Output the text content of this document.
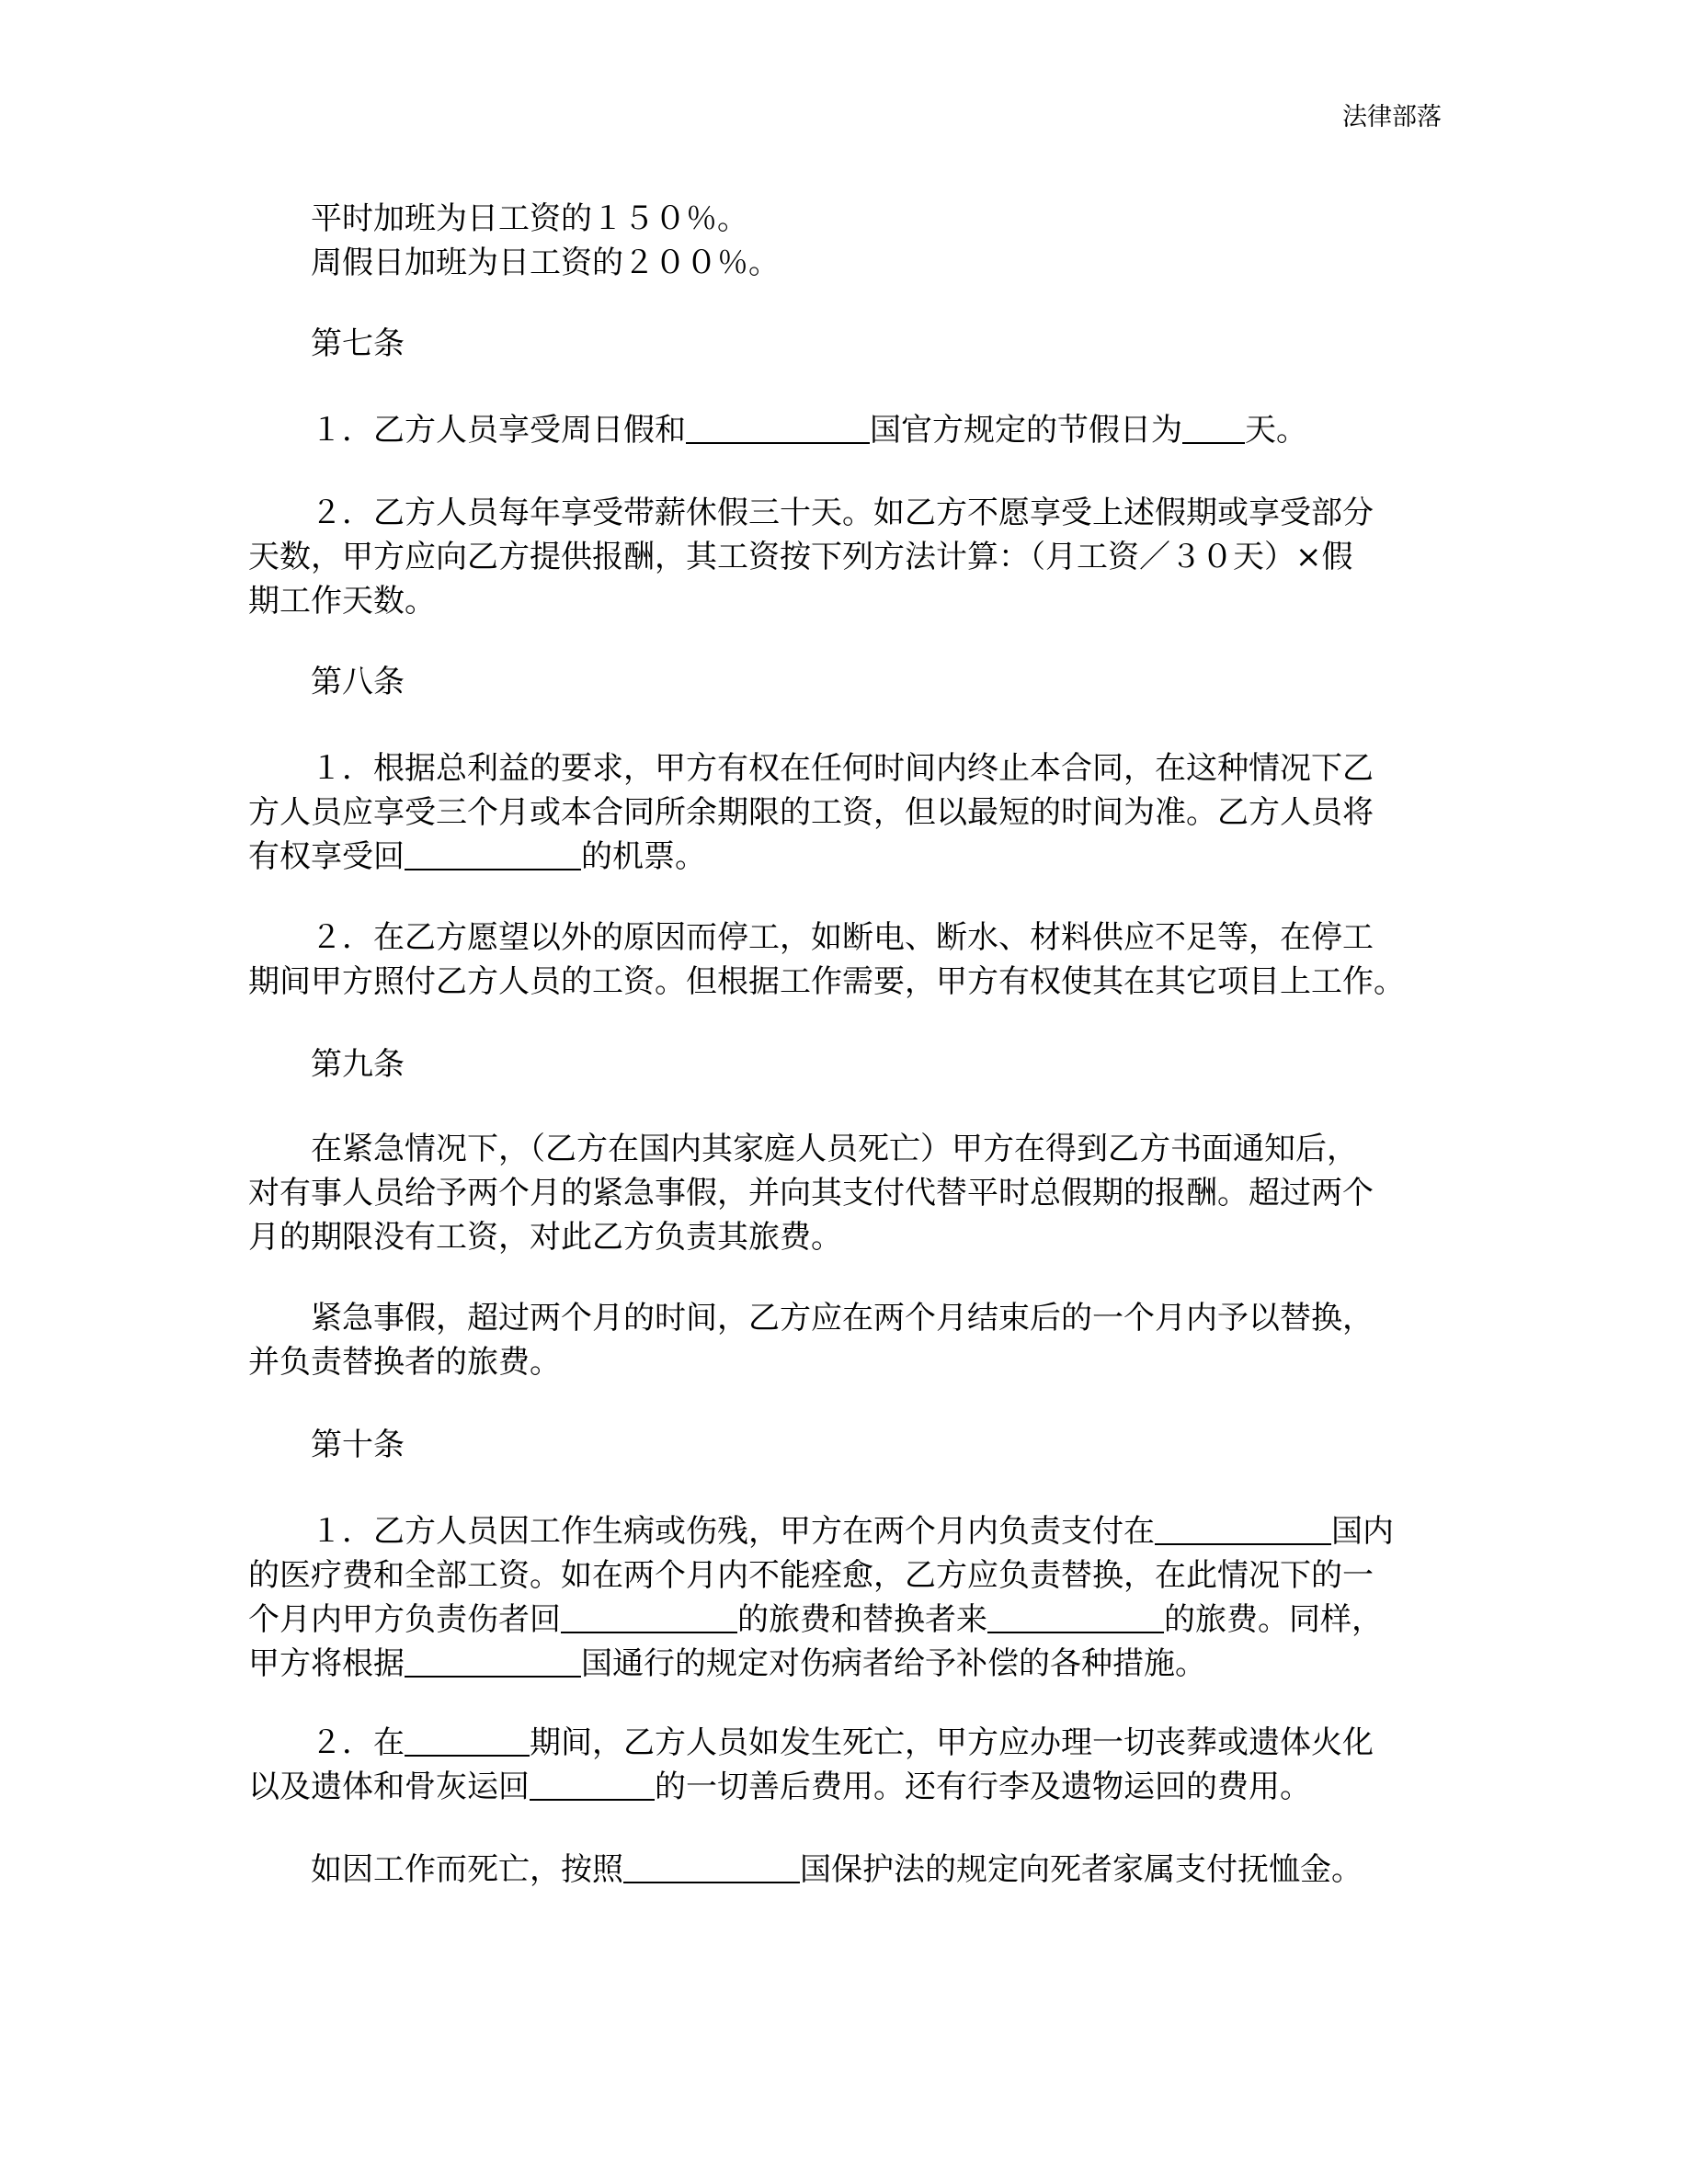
法律部落
　　平时加班为日工资的１５０％。
　　周假日加班为日工资的２００％。
　　第七条
　　１．乙方人员享受周日假和	国官方规定的节假日为 天。
　　２．乙方人员每年享受带薪休假三十天。如乙方不愿享受上述假期或享受部分
天数，甲方应向乙方提供报酬，其工资按下列方法计算：（月工资／３０天）×假
期工作天数。
　　第八条
　　１．根据总利益的要求，甲方有权在任何时间内终止本合同，在这种情况下乙
方人员应享受三个月或本合同所余期限的工资，但以最短的时间为准。乙方人员将
有权享受回	的机票。
　　２．在乙方愿望以外的原因而停工，如断电、断水、材料供应不足等，在停工
期间甲方照付乙方人员的工资。但根据工作需要，甲方有权使其在其它项目上工作。
　　第九条
　　在紧急情况下，（乙方在国内其家庭人员死亡）甲方在得到乙方书面通知后，
对有事人员给予两个月的紧急事假，并向其支付代替平时总假期的报酬。超过两个
月的期限没有工资，对此乙方负责其旅费。
　　紧急事假，超过两个月的时间，乙方应在两个月结束后的一个月内予以替换，
并负责替换者的旅费。
　　第十条
　　１．乙方人员因工作生病或伤残，甲方在两个月内负责支付在	国内
的医疗费和全部工资。如在两个月内不能痊愈，乙方应负责替换，在此情况下的一
个月内甲方负责伤者回	的旅费和替换者来	的旅费。同样，
甲方将根据	国通行的规定对伤病者给予补偿的各种措施。
　　２．在	期间，乙方人员如发生死亡，甲方应办理一切丧葬或遗体火化
以及遗体和骨灰运回	的一切善后费用。还有行李及遗物运回的费用。
　　如因工作而死亡，按照	国保护法的规定向死者家属支付抚恤金。
